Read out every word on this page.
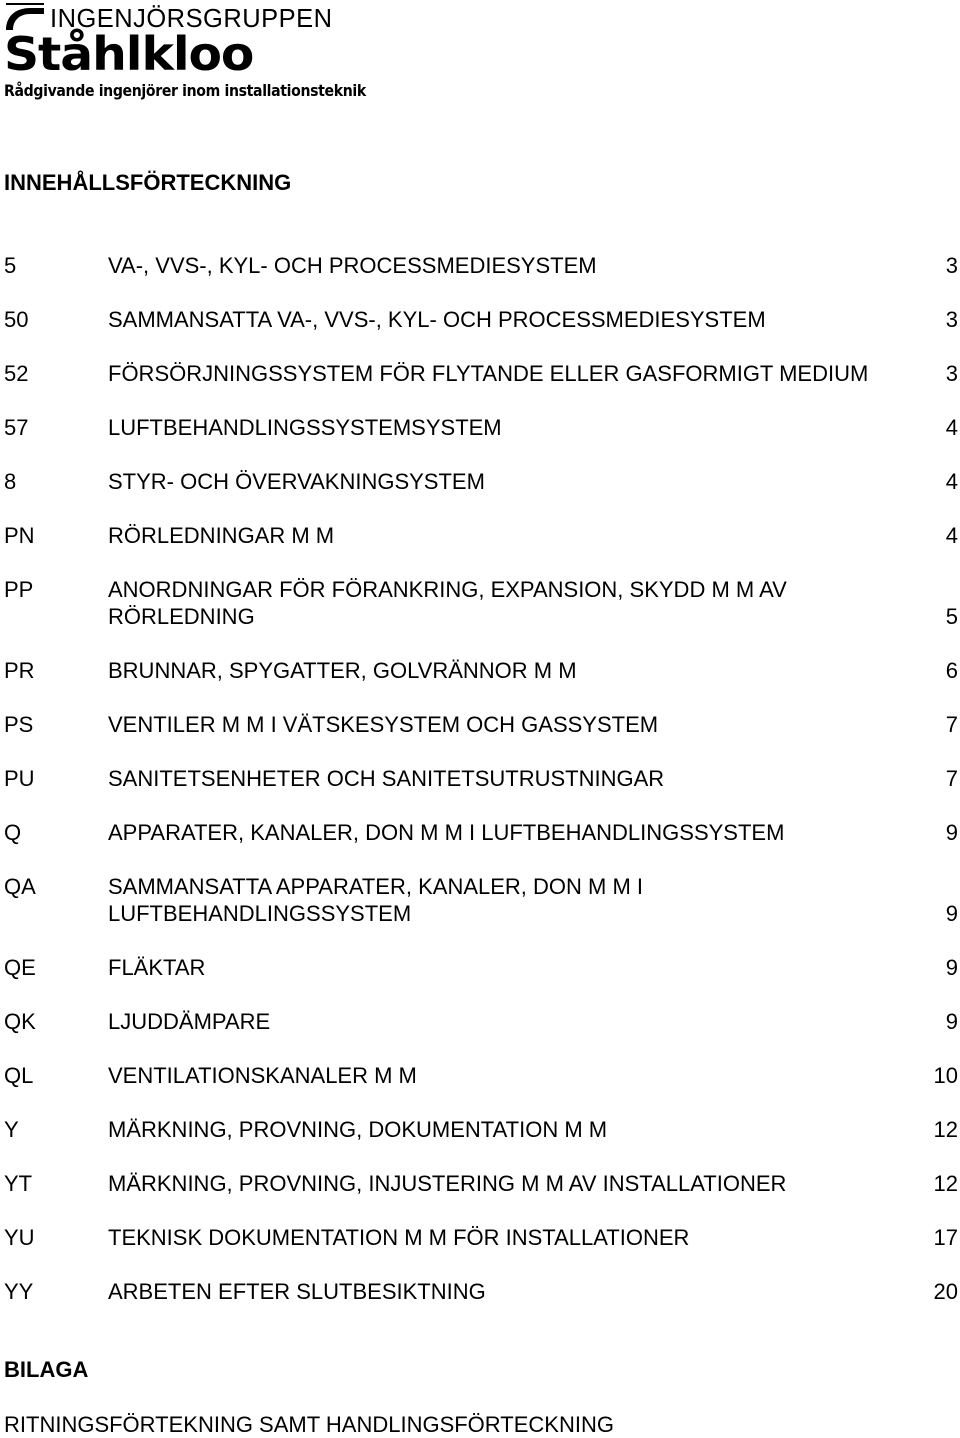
INGENJÖRSGRUPPEN
Ståhlkloo
Rådgivande ingenjörer inom installationsteknik
INNEHÅLLSFÖRTECKNING
5	VA-, VVS-, KYL- OCH PROCESSMEDIESYSTEM	3
50	SAMMANSATTA VA-, VVS-, KYL- OCH PROCESSMEDIESYSTEM	3
52	FÖRSÖRJNINGSSYSTEM FÖR FLYTANDE ELLER GASFORMIGT MEDIUM	3
57	LUFTBEHANDLINGSSYSTEMSYSTEM	4
8	STYR- OCH ÖVERVAKNINGSYSTEM	4
PN	RÖRLEDNINGAR M M	4
PP	ANORDNINGAR FÖR FÖRANKRING, EXPANSION, SKYDD M M AV RÖRLEDNING	5
PR	BRUNNAR, SPYGATTER, GOLVRÄNNOR M M	6
PS	VENTILER M M I VÄTSKESYSTEM OCH GASSYSTEM	7
PU	SANITETSENHETER OCH SANITETSUTRUSTNINGAR	7
Q	APPARATER, KANALER, DON M M I LUFTBEHANDLINGSSYSTEM	9
QA	SAMMANSATTA APPARATER, KANALER, DON M M I LUFTBEHANDLINGSSYSTEM	9
QE	FLÄKTAR	9
QK	LJUDDÄMPARE	9
QL	VENTILATIONSKANALER M M	10
Y	MÄRKNING, PROVNING, DOKUMENTATION M M	12
YT	MÄRKNING, PROVNING, INJUSTERING M M AV INSTALLATIONER	12
YU	TEKNISK DOKUMENTATION M M FÖR INSTALLATIONER	17
YY	ARBETEN EFTER SLUTBESIKTNING	20
BILAGA
RITNINGSFÖRTEKNING SAMT HANDLINGSFÖRTECKNING
